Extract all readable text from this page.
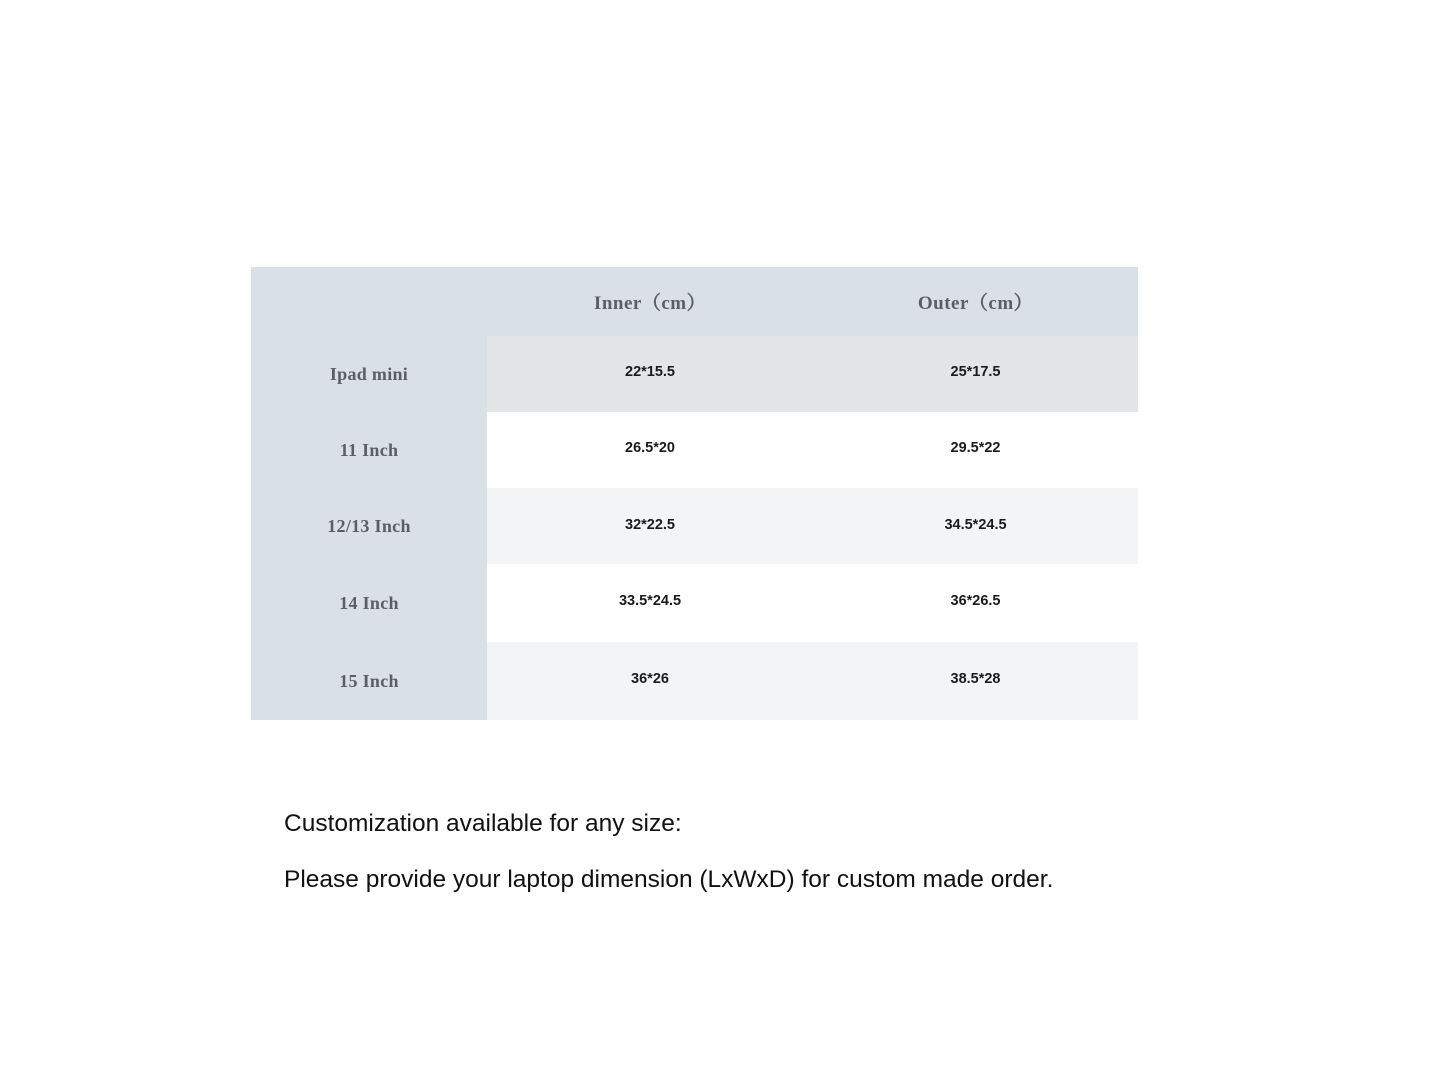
	Inner（cm）	Outer（cm）
Ipad mini	22*15.5	25*17.5
11 Inch	26.5*20	29.5*22
12/13 Inch	32*22.5	34.5*24.5
14 Inch	33.5*24.5	36*26.5
15 Inch	36*26	38.5*28
Customization available for any size:
Please provide your laptop dimension (LxWxD) for custom made order.
